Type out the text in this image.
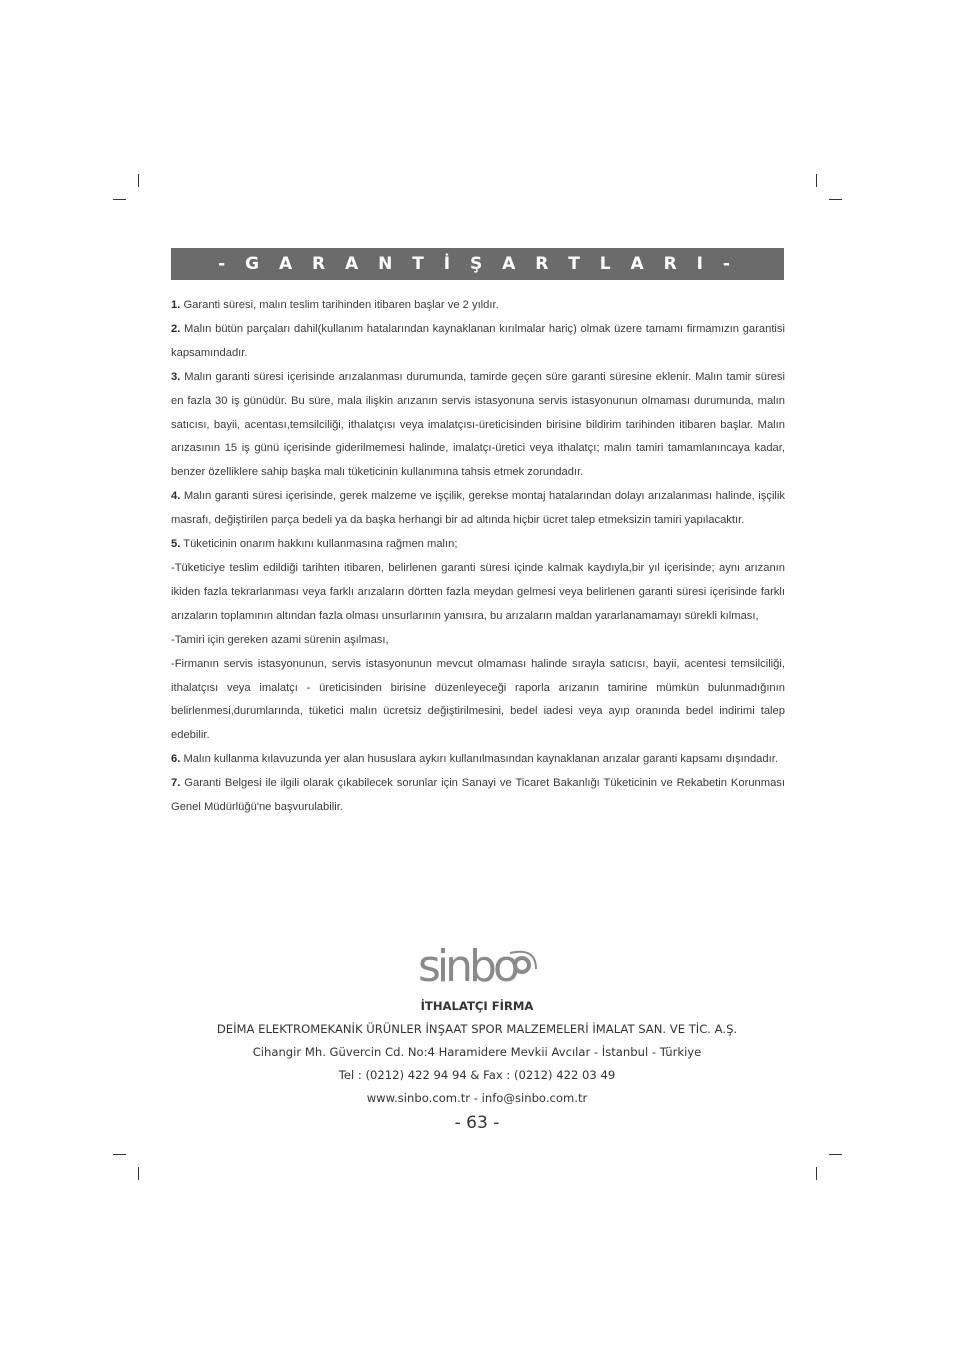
- G A R A N T İ Ş A R T L A R I -

1. Garanti süresi, malın teslim tarihinden itibaren başlar ve 2 yıldır.

2. Malın bütün parçaları dahil(kullanım hatalarından kaynaklanan kırılmalar hariç) olmak üzere tamamı firmamızın garantisi kapsamındadır.

3. Malın garanti süresi içerisinde arızalanması durumunda, tamirde geçen süre garanti süresine eklenir. Malın tamir süresi en fazla 30 iş günüdür. Bu süre, mala ilişkin arızanın servis istasyonuna servis istasyonunun olmaması durumunda, malın satıcısı, bayii, acentası,temsilciliği, ithalatçısı veya imalatçısı-üreticisinden birisine bildirim tarihinden itibaren başlar. Malın arızasının 15 iş günü içerisinde giderilmemesi halinde, imalatçı-üretici veya ithalatçı; malın tamiri tamamlanıncaya kadar, benzer özelliklere sahip başka malı tüketicinin kullanımına tahsis etmek zorundadır.

4. Malın garanti süresi içerisinde, gerek malzeme ve işçilik, gerekse montaj hatalarından dolayı arızalanması halinde, işçilik masrafı, değiştirilen parça bedeli ya da başka herhangi bir ad altında hiçbir ücret talep etmeksizin tamiri yapılacaktır.

5. Tüketicinin onarım hakkını kullanmasına rağmen malın;

-Tüketiciye teslim edildiği tarihten itibaren, belirlenen garanti süresi içinde kalmak kaydıyla,bir yıl içerisinde; aynı arızanın ikiden fazla tekrarlanması veya farklı arızaların dörtten fazla meydan gelmesi veya belirlenen garanti süresi içerisinde farklı arızaların toplamının altından fazla olması unsurlarının yanısıra, bu arızaların maldan yararlanamamayı sürekli kılması,

-Tamiri için gereken azami sürenin aşılması,

-Firmanın servis istasyonunun, servis istasyonunun mevcut olmaması halinde sırayla satıcısı, bayii, acentesi temsilciliği, ithalatçısı veya imalatçı - üreticisinden birisine düzenleyeceği raporla arızanın tamirine mümkün bulunmadığının belirlenmesi,durumlarında, tüketici malın ücretsiz değiştirilmesini, bedel iadesi veya ayıp oranında bedel indirimi talep edebilir.

6. Malın kullanma kılavuzunda yer alan hususlara aykırı kullanılmasından kaynaklanan arızalar garanti kapsamı dışındadır.

7. Garanti Belgesi ile ilgili olarak çıkabilecek sorunlar için Sanayi ve Ticaret Bakanlığı Tüketicinin ve Rekabetin Korunması Genel Müdürlüğü'ne başvurulabilir.

sinbo
İTHALATÇI FİRMA
DEİMA ELEKTROMEKANİK ÜRÜNLER İNŞAAT SPOR MALZEMELERİ İMALAT SAN. VE TİC. A.Ş.
Cihangir Mh. Güvercin Cd. No:4 Haramidere Mevkii Avcılar - İstanbul - Türkiye
Tel : (0212) 422 94 94 & Fax : (0212) 422 03 49
www.sinbo.com.tr - info@sinbo.com.tr
- 63 -
